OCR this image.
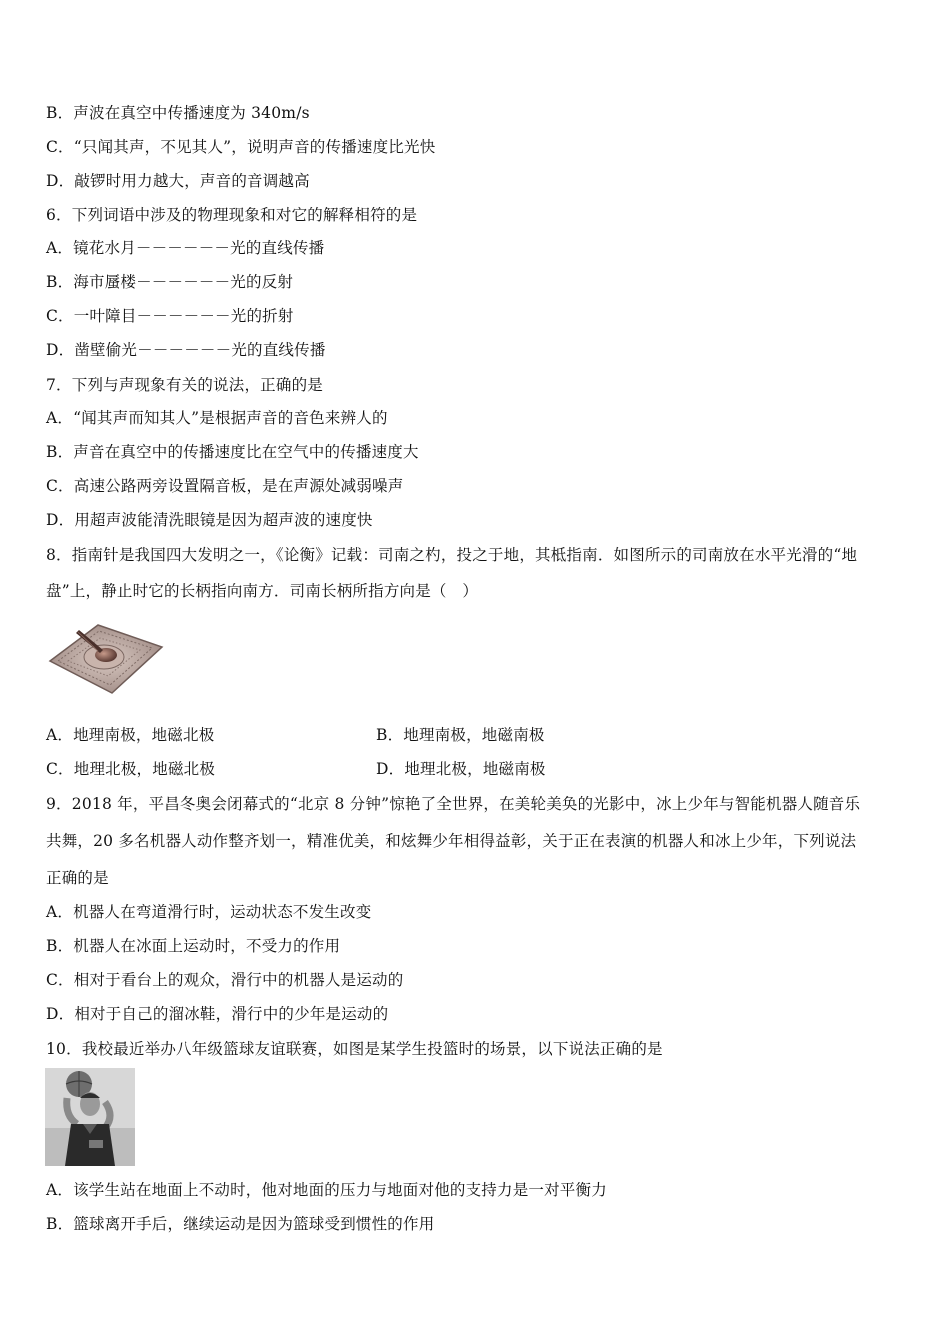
B．声波在真空中传播速度为 340m/s
C．“只闻其声，不见其人”，说明声音的传播速度比光快
D．敲锣时用力越大，声音的音调越高
6．下列词语中涉及的物理现象和对它的解释相符的是
A．镜花水月－－－－－－光的直线传播
B．海市蜃楼－－－－－－光的反射
C．一叶障目－－－－－－光的折射
D．凿壁偷光－－－－－－光的直线传播
7．下列与声现象有关的说法，正确的是
A．“闻其声而知其人”是根据声音的音色来辨人的
B．声音在真空中的传播速度比在空气中的传播速度大
C．高速公路两旁设置隔音板，是在声源处减弱噪声
D．用超声波能清洗眼镜是因为超声波的速度快
8．指南针是我国四大发明之一，《论衡》记载：司南之杓，投之于地，其柢指南．如图所示的司南放在水平光滑的“地
盘”上，静止时它的长柄指向南方．司南长柄所指方向是（　）
A．地理南极，地磁北极	B．地理南极，地磁南极
C．地理北极，地磁北极	D．地理北极，地磁南极
9．2018 年，平昌冬奥会闭幕式的“北京 8 分钟”惊艳了全世界，在美轮美奂的光影中，冰上少年与智能机器人随音乐
共舞，20 多名机器人动作整齐划一，精准优美，和炫舞少年相得益彰，关于正在表演的机器人和冰上少年，下列说法
正确的是
A．机器人在弯道滑行时，运动状态不发生改变
B．机器人在冰面上运动时，不受力的作用
C．相对于看台上的观众，滑行中的机器人是运动的
D．相对于自己的溜冰鞋，滑行中的少年是运动的
10．我校最近举办八年级篮球友谊联赛，如图是某学生投篮时的场景，以下说法正确的是
A．该学生站在地面上不动时，他对地面的压力与地面对他的支持力是一对平衡力
B．篮球离开手后，继续运动是因为篮球受到惯性的作用
